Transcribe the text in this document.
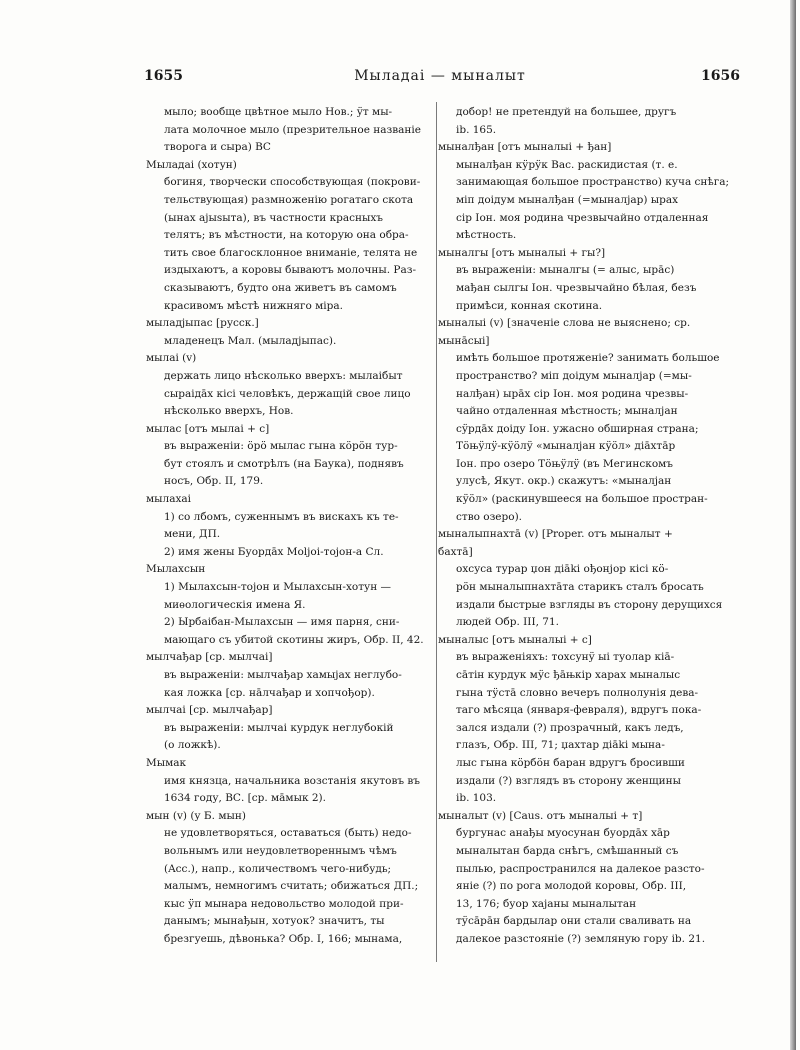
1655	Мыладаі — мыналыт	1656
мыло; вообще цвѣтное мыло Нов.; ӱт мы-
лата молочное мыло (презрительное названіе
творога и сыра) ВС
Мыладаі (хотун)
богиня, творчески способствующая (покрови-
тельствующая) размноженію рогатаго скота
(ынах ајыѕыта), въ частности красныхъ
телятъ; въ мѣстности, на которую она обра-
тить свое благосклонное вниманіе, телята не
издыхаютъ, а коровы бываютъ молочны. Раз-
сказываютъ, будто она живетъ въ самомъ
красивомъ мѣстѣ нижняго міра.
мыладјыпас [русск.]
младенецъ Мал. (мыладјыпас).
мылаі (v)
держать лицо нѣсколько вверхъ: мылаібыт
сыраідāх кісі человѣкъ, держащій свое лицо
нѣсколько вверхъ, Нов.
мылас [отъ мылаі + с]
въ выраженіи: ӧрӧ мылас гына кӧрӧн тур-
бут стоялъ и смотрѣлъ (на Баука), поднявъ
носъ, Обр. II, 179.
мылахаі
1) со лбомъ, суженнымъ въ вискахъ къ те-
мени, ДП.
2) имя жены Буордāх Moljoi-тојон-а Сл.
Мылахсын
1) Мылахсын-тојон и Мылахсын-хотун —
миѳологическія имена Я.
2) Ырбаібан-Мылахсын — имя парня, сни-
мающаго съ убитой скотины жиръ, Обр. II, 42.
мылчађар [ср. мылчаі]
въ выраженіи: мылчађар хамыјах неглубо-
кая ложка [ср. нāлчађар и хопчођор).
мылчаі [ср. мылчађар]
въ выраженіи: мылчаі курдук неглубокій
(о ложкѣ).
Мымак
имя князца, начальника возстанія якутовъ въ
1634 году, ВС. [ср. мāмык 2).
мын (v) (у Б. мын)
не удовлетворяться, оставаться (быть) недо-
вольнымъ или неудовлетвореннымъ чѣмъ
(Acc.), напр., количествомъ чего-нибудь;
малымъ, немногимъ считать; обижаться ДП.;
кыс ӱп мынара недовольство молодой при-
данымъ; мынађын, хотуок? значитъ, ты
брезгуешь, дѣвонька? Обр. I, 166; мынама,
добор! не претендуй на большее, другъ
ib. 165.
мыналђан [отъ мыналыі + ђан]
мыналђан кӱрӱк Вас. раскидистая (т. е.
занимающая большое пространство) куча снѣга;
міп доідум мыналђан (=мыналјар) ырах
сір Іон. моя родина чрезвычайно отдаленная
мѣстность.
мыналгы [отъ мыналыі + гы?]
въ выраженіи: мыналгы (= алыс, ырāс)
мађан сылгы Іон. чрезвычайно бѣлая, безъ
примѣси, конная скотина.
мыналыі (v) [значеніе слова не выяснено; ср.
мынāсыі]
имѣть большое протяженіе? занимать большое
пространство? міп доідум мыналјар (=мы-
налђан) ырāх сір Іон. моя родина чрезвы-
чайно отдаленная мѣстность; мыналјан
сӱрдāх доіду Іон. ужасно обширная страна;
Тӧњӱлӱ-кӱӧлӱ «мыналјан кӱӧл» діāхтāр
Іон. про озеро Тӧњӱлӱ (въ Мегинскомъ
улусѣ, Якут. окр.) скажутъ: «мыналјан
кӱӧл» (раскинувшееся на большое простран-
ство озеро).
мыналыпнахтā (v) [Proper. отъ мыналыт +
бахтā]
охсуса турар џон діākі ођонјор кісі кӧ-
рӧн мыналыпнахтāта старикъ сталъ бросать
издали быстрые взгляды въ сторону дерущихся
людей Обр. III, 71.
мыналыс [отъ мыналыі + с]
въ выраженіяхъ: тохсунӱ ыі туолар кіā-
сāтін курдук мӱс ђāњкір харах мыналыс
гына тӱстā словно вечеръ полнолунія дева-
таго мѣсяца (января-февраля), вдругъ пока-
зался издали (?) прозрачный, какъ ледъ,
глазъ, Обр. III, 71; џахтар діākі мына-
лыс гына кӧрбӧн баран вдругъ бросивши
издали (?) взглядъ въ сторону женщины
ib. 103.
мыналыт (v) [Caus. отъ мыналыі + т]
бургунас анађы муосунан буордāх хāр
мыналытан барда снѣгъ, смѣшанный съ
пылью, распространился на далекое разсто-
яніе (?) по рога молодой коровы, Обр. III,
13, 176; буор хајаны мыналытан
тӱсāрāн бардылар они стали сваливать на
далекое разстояніе (?) земляную гору ib. 21.
